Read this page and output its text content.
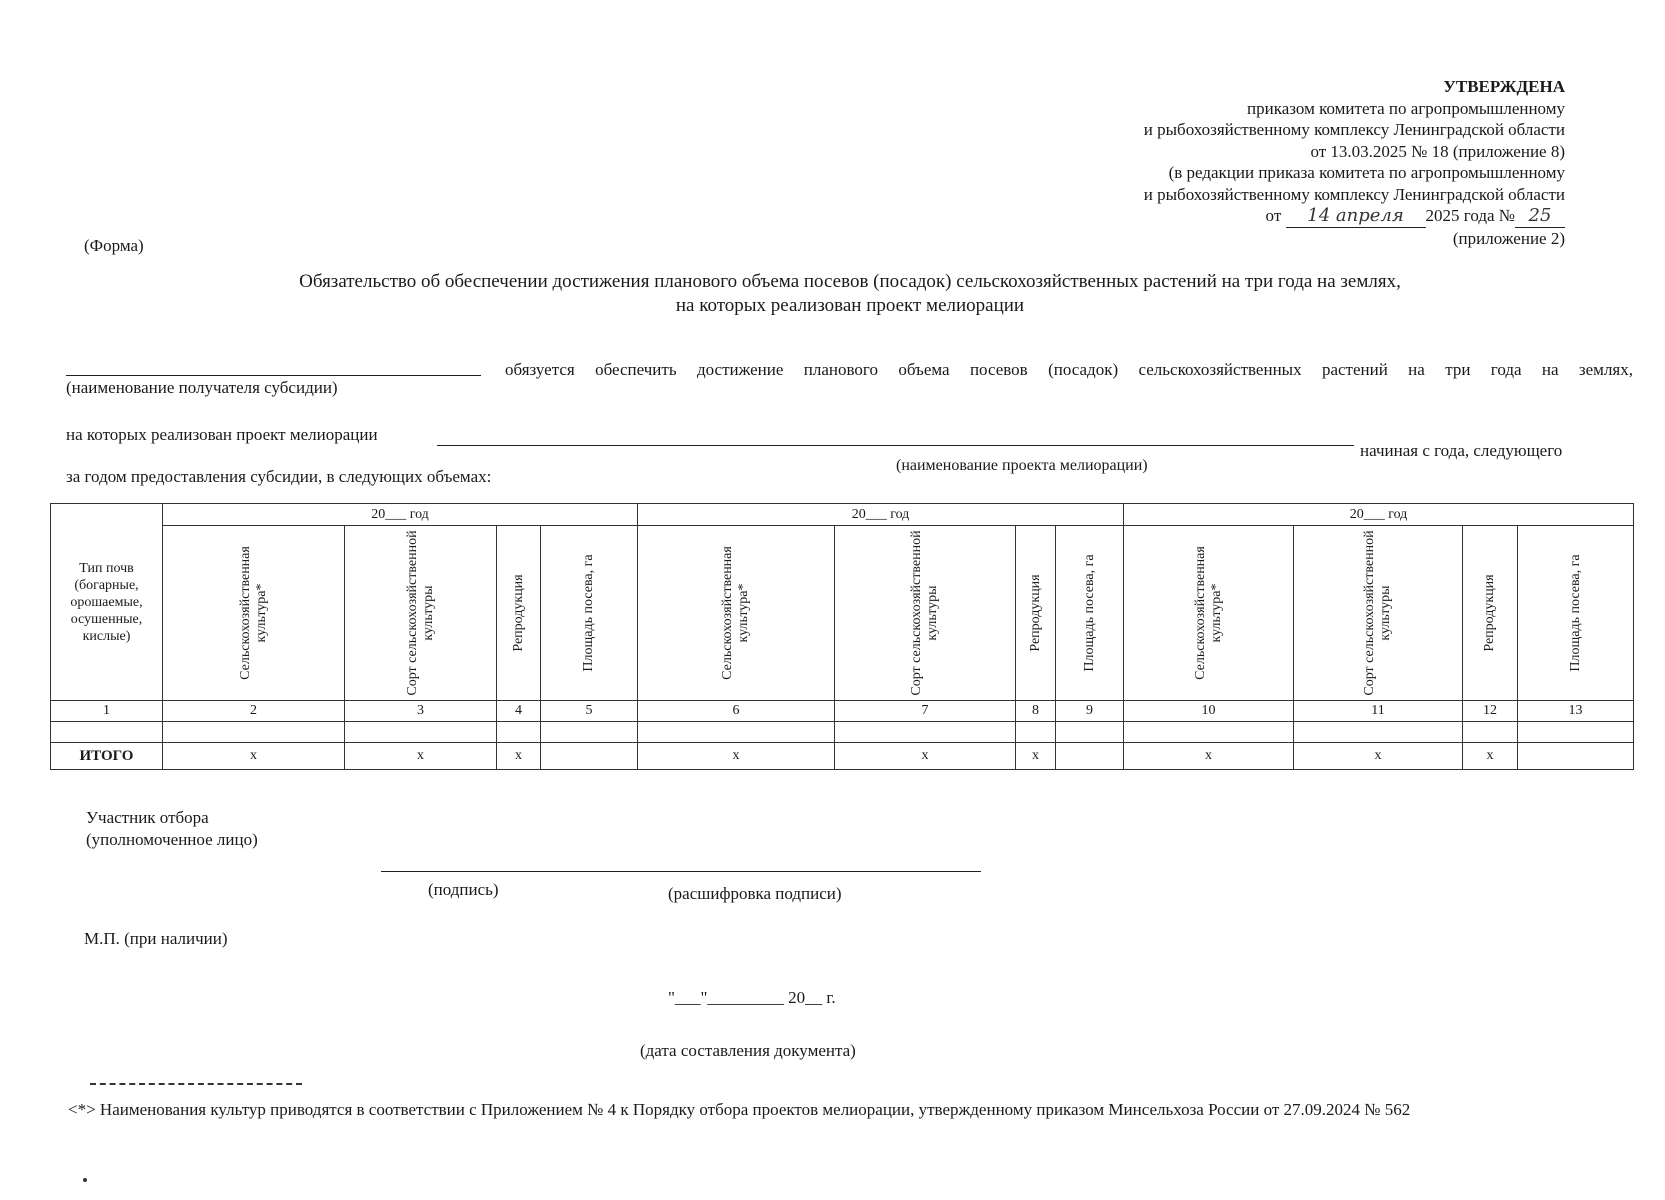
УТВЕРЖДЕНА
приказом комитета по агропромышленному
и рыбохозяйственному комплексу Ленинградской области
от 13.03.2025 № 18 (приложение 8)
(в редакции приказа комитета по агропромышленному
и рыбохозяйственному комплексу Ленинградской области
от 14 апреля 2025 года № 25
(приложение 2)
(Форма)
Обязательство об обеспечении достижения планового объема посевов (посадок) сельскохозяйственных растений на три года на землях,
на которых реализован проект мелиорации
(наименование получателя субсидии)
обязуется обеспечить достижение планового объема посевов (посадок) сельскохозяйственных растений на три года на землях,
на которых реализован проект мелиорации
начиная с года, следующего
(наименование проекта мелиорации)
за годом предоставления субсидии, в следующих объемах:
Тип почв (богарные, орошаемые, осушенные, кислые)	20___ год				20___ год				20___ год			

	Сельскохозяйственная культура*	Сорт сельскохозяйственной культуры	Репродукция	Площадь посева, га	Сельскохозяйственная культура*	Сорт сельскохозяйственной культуры	Репродукция	Площадь посева, га	Сельскохозяйственная культура*	Сорт сельскохозяйственной культуры	Репродукция	Площадь посева, га

1	2	3	4	5	6	7	8	9	10	11	12	13

ИТОГО	x	x	x		x	x	x		x	x	x	
Участник отбора
(уполномоченное лицо)
(подпись)	(расшифровка подписи)
М.П. (при наличии)
"___"_________ 20__ г.
(дата составления документа)
<*> Наименования культур приводятся в соответствии с Приложением № 4 к Порядку отбора проектов мелиорации, утвержденному приказом Минсельхоза России от 27.09.2024 № 562
